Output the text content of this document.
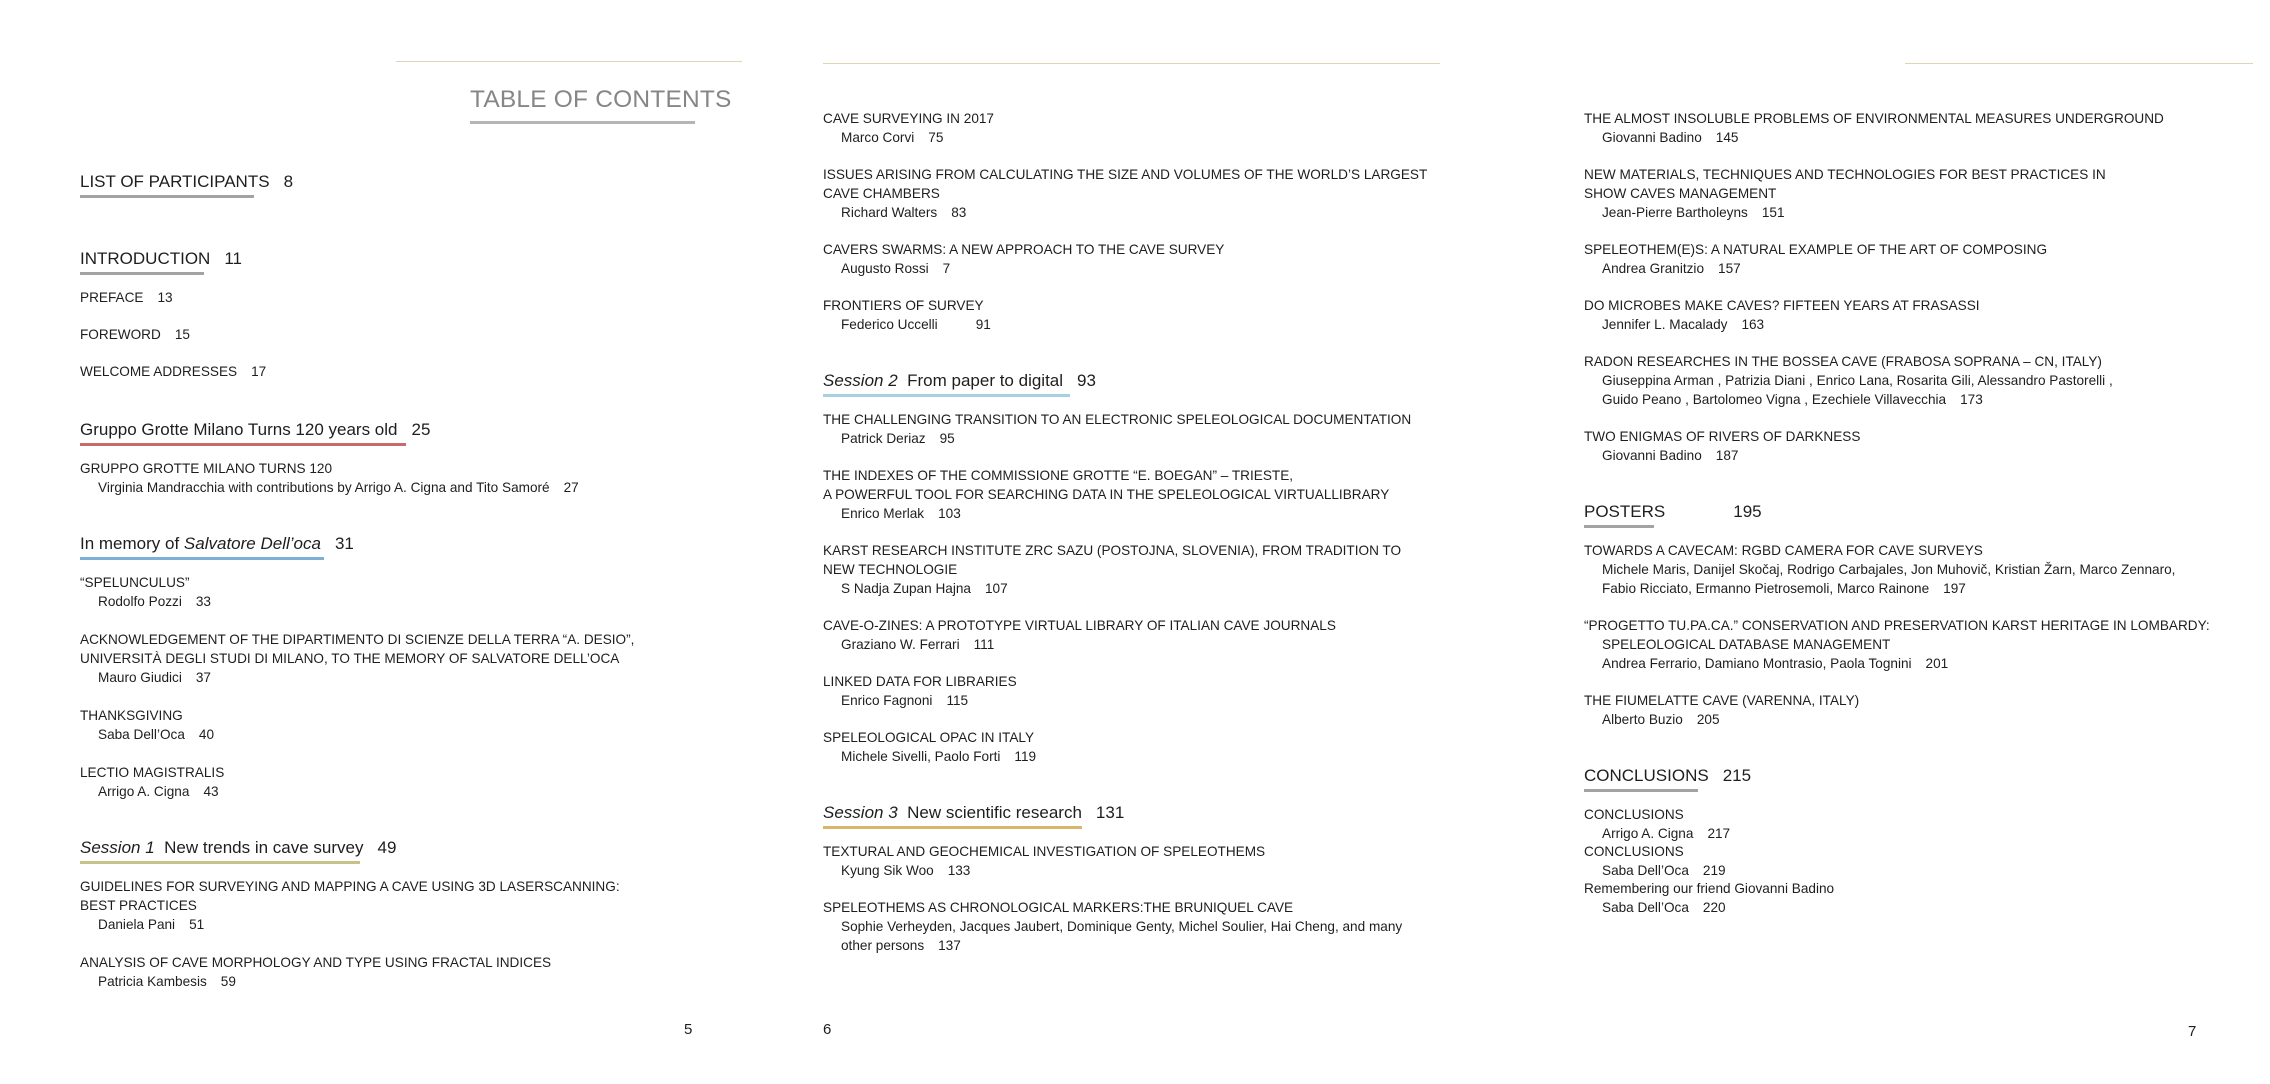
TABLE OF CONTENTS
LIST OF PARTICIPANTS 8
INTRODUCTION 11
PREFACE 13
FOREWORD 15
WELCOME ADDRESSES 17
Gruppo Grotte Milano Turns 120 years old 25
GRUPPO GROTTE MILANO TURNS 120
Virginia Mandracchia with contributions by Arrigo A. Cigna and Tito Samoré 27
In memory of Salvatore Dell’oca 31
“SPELUNCULUS”
Rodolfo Pozzi 33
ACKNOWLEDGEMENT OF THE DIPARTIMENTO DI SCIENZE DELLA TERRA “A. DESIO”,
UNIVERSITÀ DEGLI STUDI DI MILANO, TO THE MEMORY OF SALVATORE DELL’OCA
Mauro Giudici 37
THANKSGIVING
Saba Dell’Oca 40
LECTIO MAGISTRALIS
Arrigo A. Cigna 43
Session 1 New trends in cave survey 49
GUIDELINES FOR SURVEYING AND MAPPING A CAVE USING 3D LASERSCANNING:
BEST PRACTICES
Daniela Pani 51
ANALYSIS OF CAVE MORPHOLOGY AND TYPE USING FRACTAL INDICES
Patricia Kambesis 59
5
CAVE SURVEYING IN 2017
Marco Corvi 75
ISSUES ARISING FROM CALCULATING THE SIZE AND VOLUMES OF THE WORLD’S LARGEST
CAVE CHAMBERS
Richard Walters 83
CAVERS SWARMS: A NEW APPROACH TO THE CAVE SURVEY
Augusto Rossi 7
FRONTIERS OF SURVEY
Federico Uccelli	91
Session 2 From paper to digital 93
THE CHALLENGING TRANSITION TO AN ELECTRONIC SPELEOLOGICAL DOCUMENTATION
Patrick Deriaz 95
THE INDEXES OF THE COMMISSIONE GROTTE “E. BOEGAN” – TRIESTE,
A POWERFUL TOOL FOR SEARCHING DATA IN THE SPELEOLOGICAL VIRTUALLIBRARY
Enrico Merlak 103
KARST RESEARCH INSTITUTE ZRC SAZU (POSTOJNA, SLOVENIA), FROM TRADITION TO
NEW TECHNOLOGIE
S Nadja Zupan Hajna 107
CAVE-O-ZINES: A PROTOTYPE VIRTUAL LIBRARY OF ITALIAN CAVE JOURNALS
Graziano W. Ferrari 111
LINKED DATA FOR LIBRARIES
Enrico Fagnoni 115
SPELEOLOGICAL OPAC IN ITALY
Michele Sivelli, Paolo Forti 119
Session 3 New scientific research 131
TEXTURAL AND GEOCHEMICAL INVESTIGATION OF SPELEOTHEMS
Kyung Sik Woo 133
SPELEOTHEMS AS CHRONOLOGICAL MARKERS:THE BRUNIQUEL CAVE
Sophie Verheyden, Jacques Jaubert, Dominique Genty, Michel Soulier, Hai Cheng, and many
other persons 137
6
THE ALMOST INSOLUBLE PROBLEMS OF ENVIRONMENTAL MEASURES UNDERGROUND
Giovanni Badino 145
NEW MATERIALS, TECHNIQUES AND TECHNOLOGIES FOR BEST PRACTICES IN
SHOW CAVES MANAGEMENT
Jean-Pierre Bartholeyns 151
SPELEOTHEM(E)S: A NATURAL EXAMPLE OF THE ART OF COMPOSING
Andrea Granitzio 157
DO MICROBES MAKE CAVES? FIFTEEN YEARS AT FRASASSI
Jennifer L. Macalady 163
RADON RESEARCHES IN THE BOSSEA CAVE (FRABOSA SOPRANA – CN, ITALY)
Giuseppina Arman , Patrizia Diani , Enrico Lana, Rosarita Gili, Alessandro Pastorelli ,
Guido Peano , Bartolomeo Vigna , Ezechiele Villavecchia 173
TWO ENIGMAS OF RIVERS OF DARKNESS
Giovanni Badino 187
POSTERS	195
TOWARDS A CAVECAM: RGBD CAMERA FOR CAVE SURVEYS
Michele Maris, Danijel Skočaj, Rodrigo Carbajales, Jon Muhovič, Kristian Žarn, Marco Zennaro,
Fabio Ricciato, Ermanno Pietrosemoli, Marco Rainone 197
“PROGETTO TU.PA.CA.” CONSERVATION AND PRESERVATION KARST HERITAGE IN LOMBARDY:
SPELEOLOGICAL DATABASE MANAGEMENT
Andrea Ferrario, Damiano Montrasio, Paola Tognini 201
THE FIUMELATTE CAVE (VARENNA, ITALY)
Alberto Buzio 205
CONCLUSIONS 215
CONCLUSIONS
Arrigo A. Cigna 217
CONCLUSIONS
Saba Dell’Oca 219
Remembering our friend Giovanni Badino
Saba Dell’Oca 220
7
